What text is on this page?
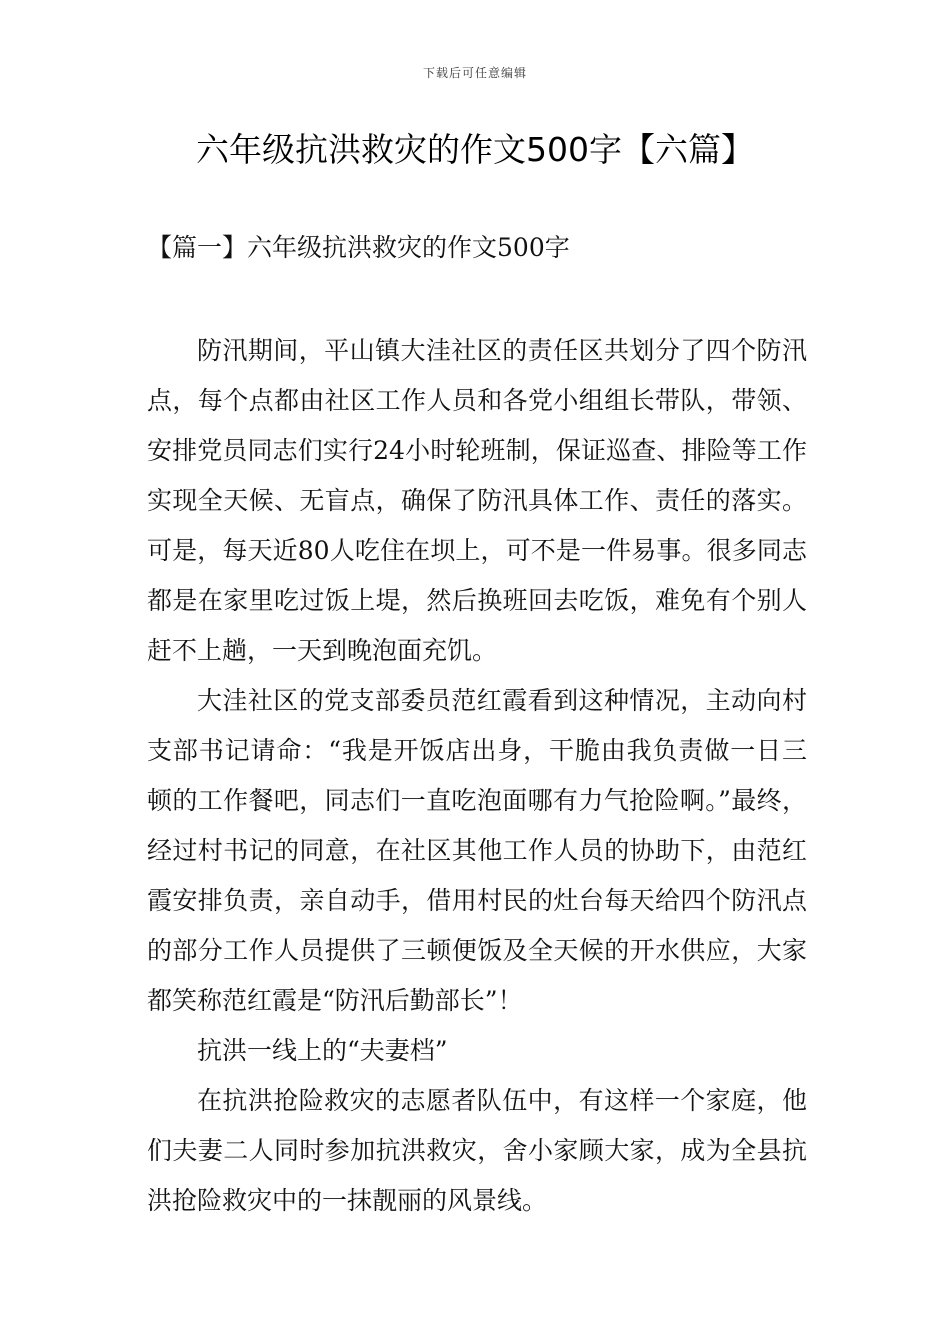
下载后可任意编辑
六年级抗洪救灾的作文500字【六篇】
【篇一】六年级抗洪救灾的作文500字

防汛期间，平山镇大洼社区的责任区共划分了四个防汛点，每个点都由社区工作人员和各党小组组长带队，带领、安排党员同志们实行24小时轮班制，保证巡查、排险等工作实现全天候、无盲点，确保了防汛具体工作、责任的落实。可是，每天近80人吃住在坝上，可不是一件易事。很多同志都是在家里吃过饭上堤，然后换班回去吃饭，难免有个别人赶不上趟，一天到晚泡面充饥。

大洼社区的党支部委员范红霞看到这种情况，主动向村支部书记请命：“我是开饭店出身，干脆由我负责做一日三顿的工作餐吧，同志们一直吃泡面哪有力气抢险啊。”最终，经过村书记的同意，在社区其他工作人员的协助下，由范红霞安排负责，亲自动手，借用村民的灶台每天给四个防汛点的部分工作人员提供了三顿便饭及全天候的开水供应，大家都笑称范红霞是“防汛后勤部长”！

抗洪一线上的“夫妻档”

在抗洪抢险救灾的志愿者队伍中，有这样一个家庭，他们夫妻二人同时参加抗洪救灾，舍小家顾大家，成为全县抗洪抢险救灾中的一抹靓丽的风景线。
